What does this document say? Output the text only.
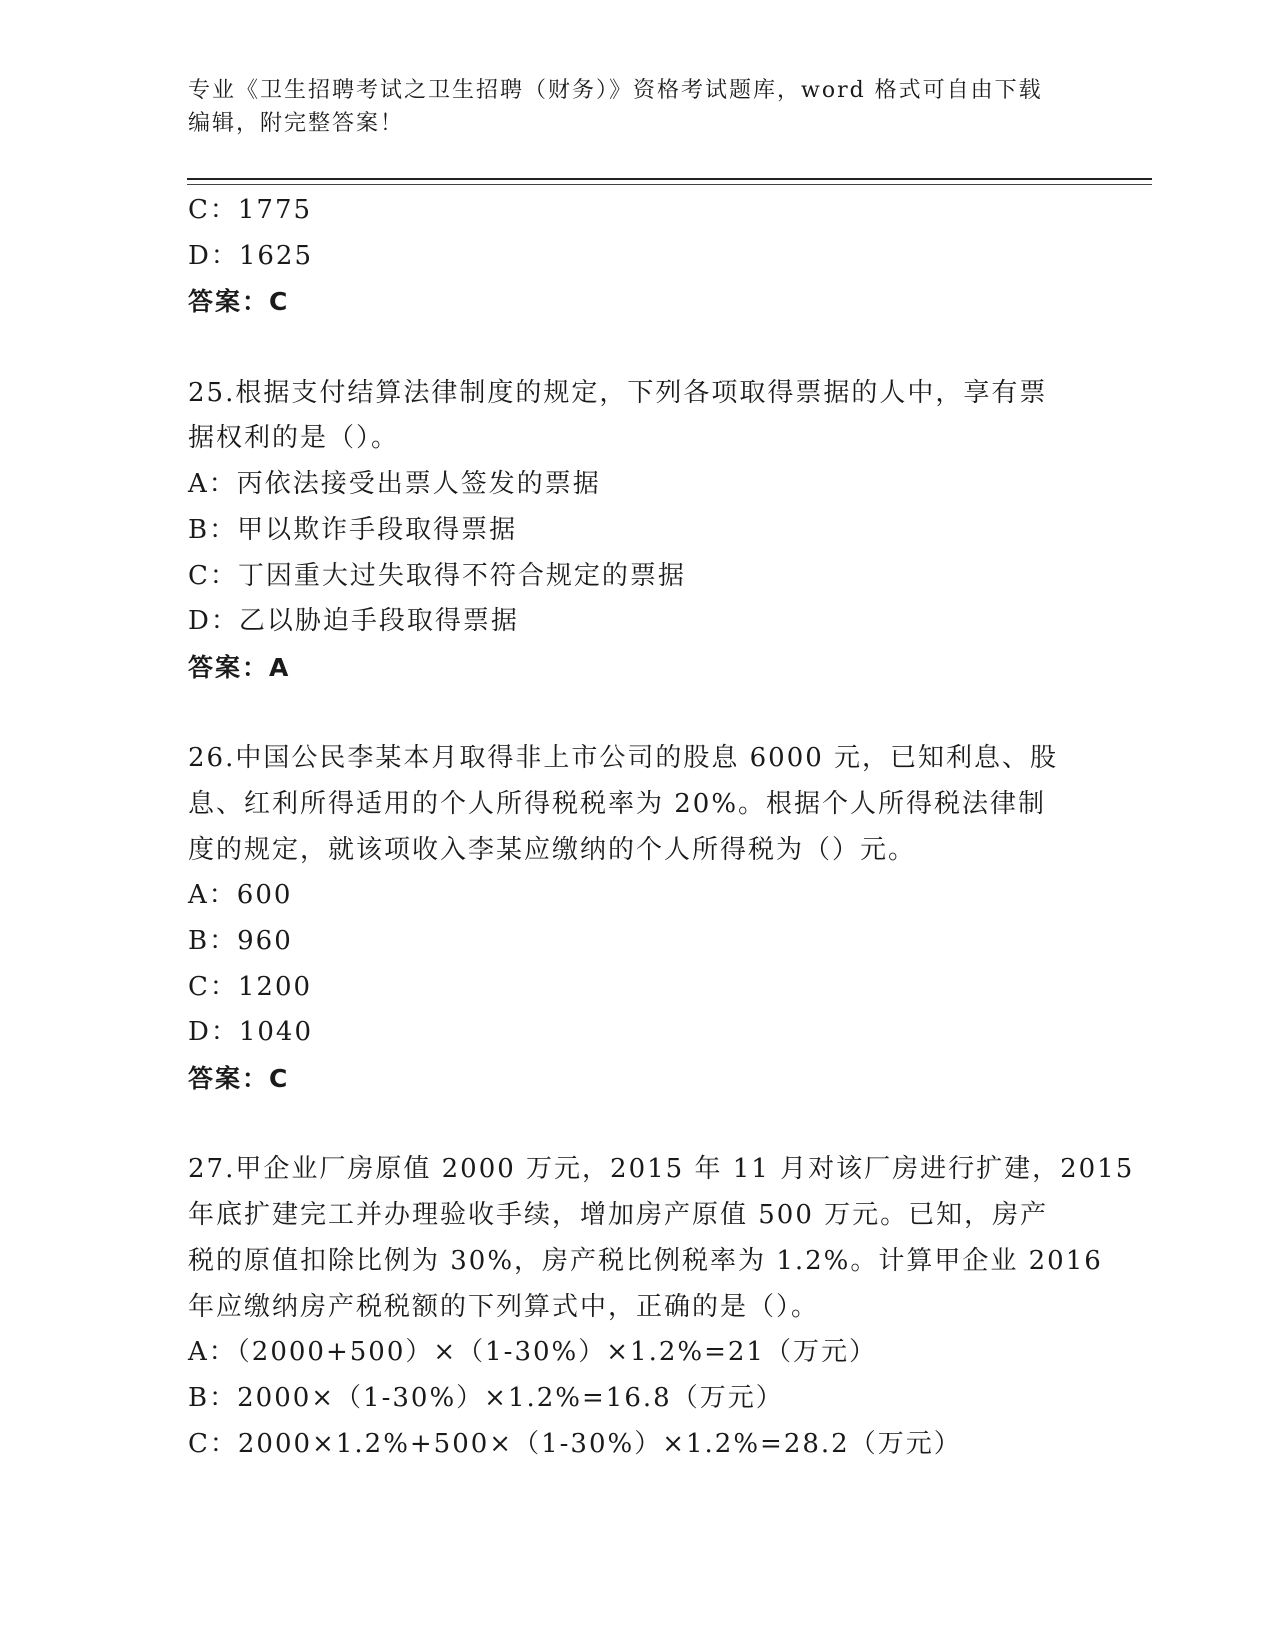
专业《卫生招聘考试之卫生招聘（财务）》资格考试题库，word 格式可自由下载
编辑，附完整答案！
C：1775
D：1625
答案：C
25.根据支付结算法律制度的规定，下列各项取得票据的人中，享有票
据权利的是（）。
A：丙依法接受出票人签发的票据
B：甲以欺诈手段取得票据
C：丁因重大过失取得不符合规定的票据
D：乙以胁迫手段取得票据
答案：A
26.中国公民李某本月取得非上市公司的股息 6000 元，已知利息、股
息、红利所得适用的个人所得税税率为 20%。根据个人所得税法律制
度的规定，就该项收入李某应缴纳的个人所得税为（）元。
A：600
B：960
C：1200
D：1040
答案：C
27.甲企业厂房原值 2000 万元，2015 年 11 月对该厂房进行扩建，2015
年底扩建完工并办理验收手续，增加房产原值 500 万元。已知，房产
税的原值扣除比例为 30%，房产税比例税率为 1.2%。计算甲企业 2016
年应缴纳房产税税额的下列算式中，正确的是（）。
A：（2000+500）×（1-30%）×1.2%=21（万元）
B：2000×（1-30%）×1.2%=16.8（万元）
C：2000×1.2%+500×（1-30%）×1.2%=28.2（万元）
